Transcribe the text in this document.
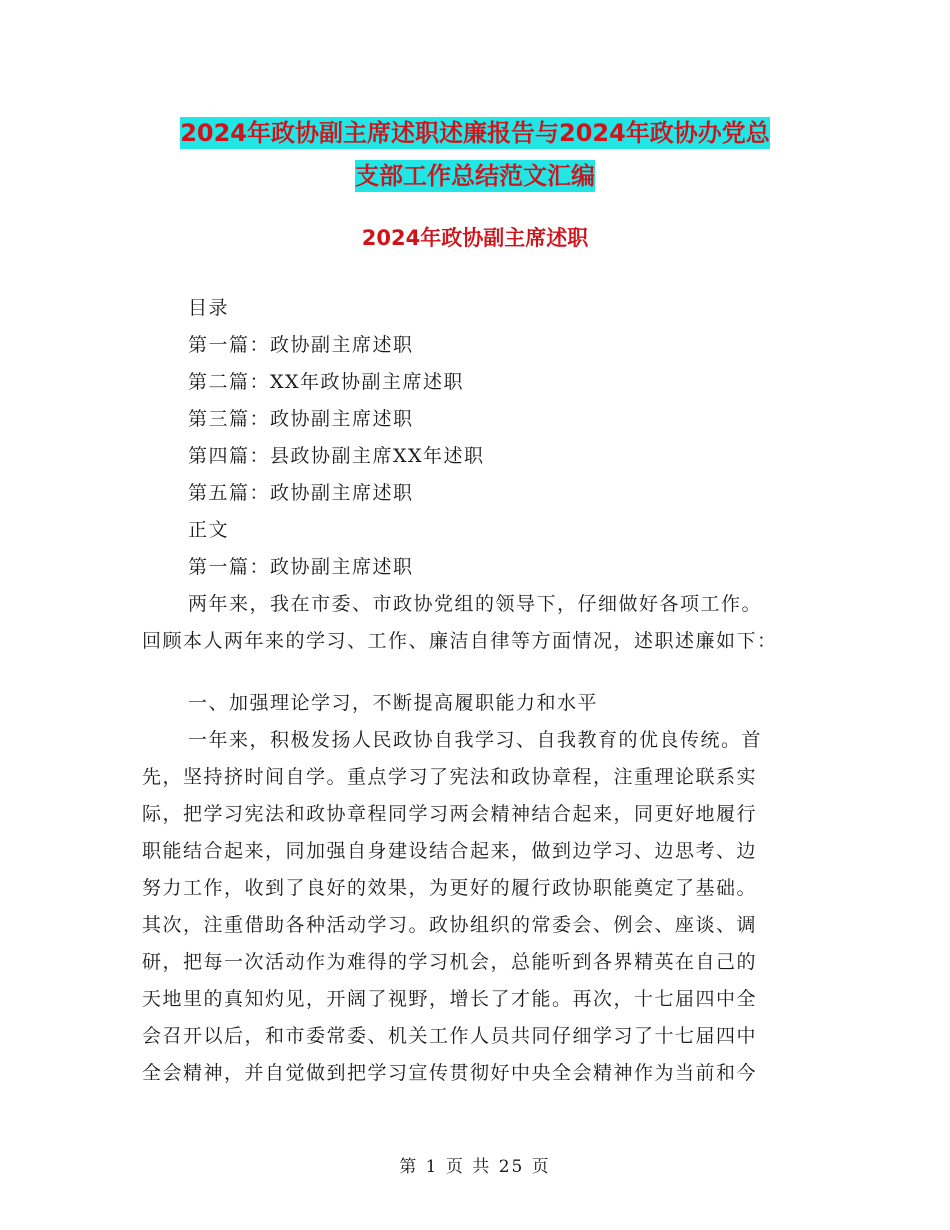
2024年政协副主席述职述廉报告与2024年政协办党总
支部工作总结范文汇编
2024年政协副主席述职

目录

第一篇：政协副主席述职

第二篇：XX年政协副主席述职

第三篇：政协副主席述职

第四篇：县政协副主席XX年述职

第五篇：政协副主席述职

正文

第一篇：政协副主席述职

两年来，我在市委、市政协党组的领导下，仔细做好各项工作。

回顾本人两年来的学习、工作、廉洁自律等方面情况，述职述廉如下：

一、加强理论学习，不断提高履职能力和水平

一年来，积极发扬人民政协自我学习、自我教育的优良传统。首

先，坚持挤时间自学。重点学习了宪法和政协章程，注重理论联系实

际，把学习宪法和政协章程同学习两会精神结合起来，同更好地履行

职能结合起来，同加强自身建设结合起来，做到边学习、边思考、边

努力工作，收到了良好的效果，为更好的履行政协职能奠定了基础。

其次，注重借助各种活动学习。政协组织的常委会、例会、座谈、调

研，把每一次活动作为难得的学习机会，总能听到各界精英在自己的

天地里的真知灼见，开阔了视野，增长了才能。再次，十七届四中全

会召开以后，和市委常委、机关工作人员共同仔细学习了十七届四中

全会精神，并自觉做到把学习宣传贯彻好中央全会精神作为当前和今

第 1 页 共 25 页
